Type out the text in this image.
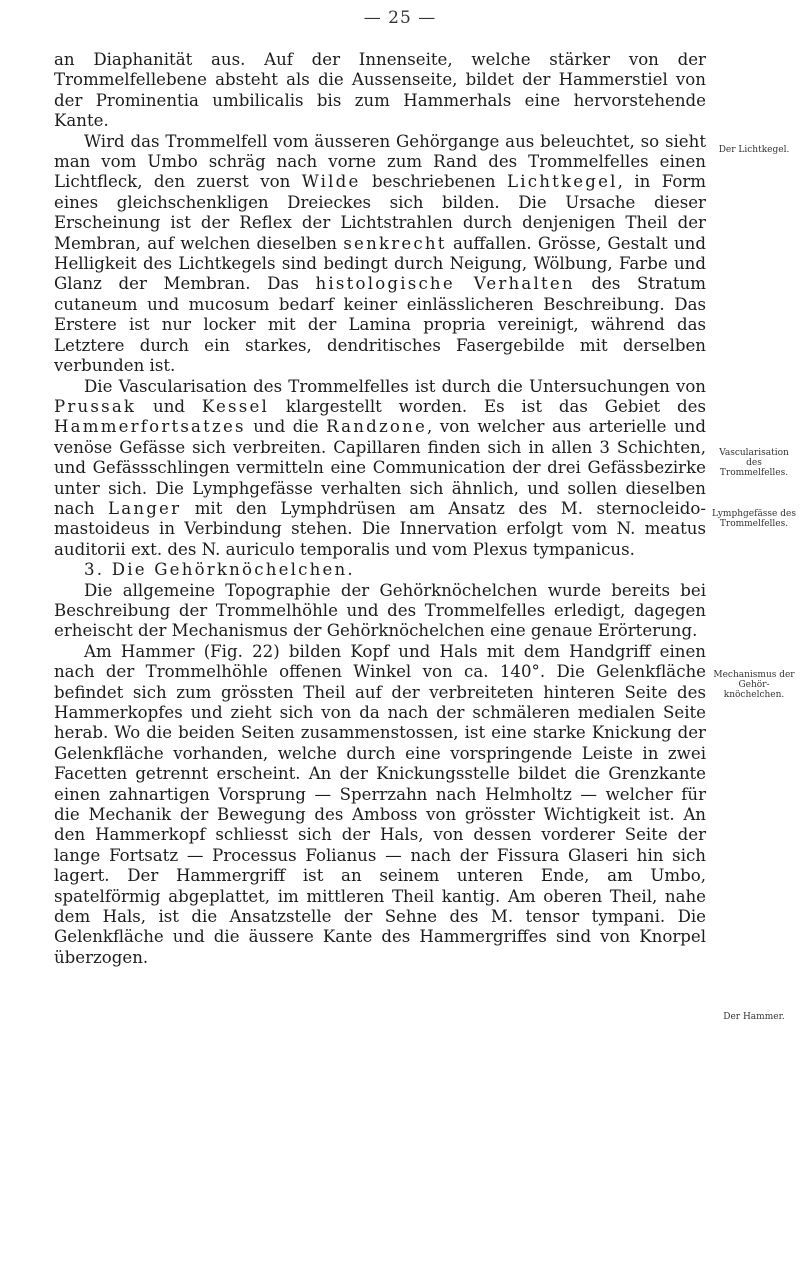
— 25 —

an Diaphanität aus. Auf der Innenseite, welche stärker von der Trommelfellebene absteht als die Aussenseite, bildet der Hammerstiel von der Prominentia umbilicalis bis zum Hammerhals eine hervorstehende Kante.

Wird das Trommelfell vom äusseren Gehörgange aus beleuchtet, so sieht man vom Umbo schräg nach vorne zum Rand des Trommelfelles einen Lichtfleck, den zuerst von Wilde beschriebenen Lichtkegel, in Form eines gleichschenkligen Dreieckes sich bilden. Die Ursache dieser Erscheinung ist der Reflex der Lichtstrahlen durch denjenigen Theil der Membran, auf welchen dieselben senkrecht auffallen. Grösse, Gestalt und Helligkeit des Lichtkegels sind bedingt durch Neigung, Wölbung, Farbe und Glanz der Membran. Das histologische Verhalten des Stratum cutaneum und mucosum bedarf keiner einlässlicheren Beschreibung. Das Erstere ist nur locker mit der Lamina propria vereinigt, während das Letztere durch ein starkes, dendritisches Fasergebilde mit derselben verbunden ist.

Die Vascularisation des Trommelfelles ist durch die Untersuchungen von Prussak und Kessel klargestellt worden. Es ist das Gebiet des Hammerfortsatzes und die Randzone, von welcher aus arterielle und venöse Gefässe sich verbreiten. Capillaren finden sich in allen 3 Schichten, und Gefässschlingen vermitteln eine Communication der drei Gefässbezirke unter sich. Die Lymphgefässe verhalten sich ähnlich, und sollen dieselben nach Langer mit den Lymphdrüsen am Ansatz des M. sternocleido-mastoideus in Verbindung stehen. Die Innervation erfolgt vom N. meatus auditorii ext. des N. auriculo temporalis und vom Plexus tympanicus.

3. Die Gehörknöchelchen.

Die allgemeine Topographie der Gehörknöchelchen wurde bereits bei Beschreibung der Trommelhöhle und des Trommelfelles erledigt, dagegen erheischt der Mechanismus der Gehörknöchelchen eine genaue Erörterung.

Am Hammer (Fig. 22) bilden Kopf und Hals mit dem Handgriff einen nach der Trommelhöhle offenen Winkel von ca. 140°. Die Gelenkfläche befindet sich zum grössten Theil auf der verbreiteten hinteren Seite des Hammerkopfes und zieht sich von da nach der schmäleren medialen Seite herab. Wo die beiden Seiten zusammenstossen, ist eine starke Knickung der Gelenkfläche vorhanden, welche durch eine vorspringende Leiste in zwei Facetten getrennt erscheint. An der Knickungsstelle bildet die Grenzkante einen zahnartigen Vorsprung — Sperrzahn nach Helmholtz — welcher für die Mechanik der Bewegung des Amboss von grösster Wichtigkeit ist. An den Hammerkopf schliesst sich der Hals, von dessen vorderer Seite der lange Fortsatz — Processus Folianus — nach der Fissura Glaseri hin sich lagert. Der Hammergriff ist an seinem unteren Ende, am Umbo, spatelförmig abgeplattet, im mittleren Theil kantig. Am oberen Theil, nahe dem Hals, ist die Ansatzstelle der Sehne des M. tensor tympani. Die Gelenkfläche und die äussere Kante des Hammergriffes sind von Knorpel überzogen.

Der Lichtkegel.
Vascularisation des Trommelfelles.
Lymphgefässe des Trommelfelles.
Mechanismus der Gehör-knöchelchen.
Der Hammer.
